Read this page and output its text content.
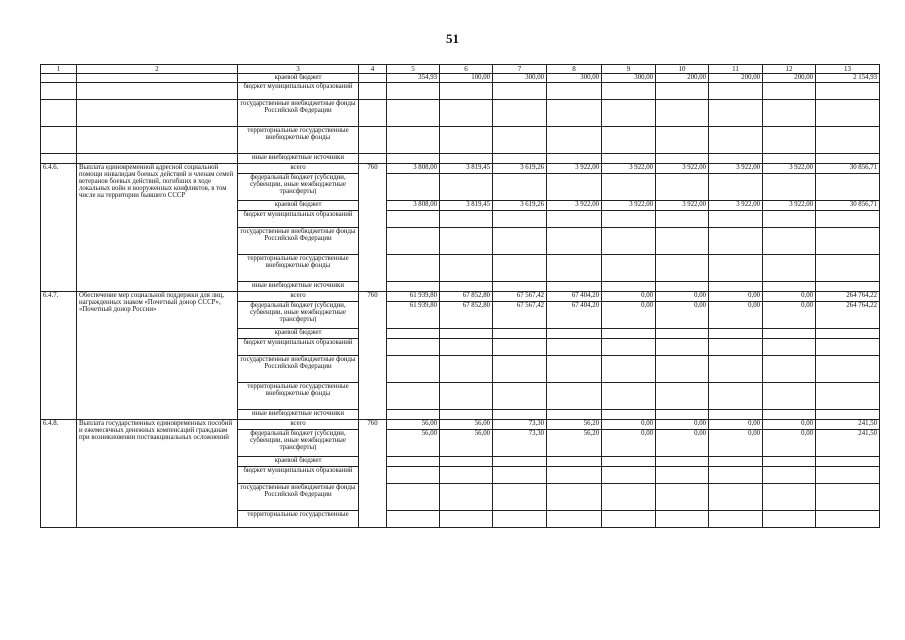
51
1	2	3	4	5	6	7	8	9	10	11	12	13
		краевой бюджет		354,93	100,00	300,00	300,00	300,00	200,00	200,00	200,00	2 154,93
		бюджет муниципальных образований										
		государственные внебюджетные фонды Российской Федерации										
		территориальные государственные внебюджетные фонды										
		иные внебюджетные источники										
6.4.6.	Выплата единовременной адресной социальной помощи инвалидам боевых действий и членам семей ветеранов боевых действий, погибших в ходе локальных войн и вооруженных конфликтов, в том числе на территории бывшего СССР	всего	760	3 808,00	3 819,45	3 619,26	3 922,00	3 922,00	3 922,00	3 922,00	3 922,00	30 856,71
		федеральный бюджет (субсидии, субвенции, иные межбюджетные трансферты)										
		краевой бюджет		3 808,00	3 819,45	3 619,26	3 922,00	3 922,00	3 922,00	3 922,00	3 922,00	30 856,71
		бюджет муниципальных образований										
		государственные внебюджетные фонды Российской Федерации										
		территориальные государственные внебюджетные фонды										
		иные внебюджетные источники										
6.4.7.	Обеспечение мер социальной поддержки для лиц, награжденных знаком «Почетный донор СССР», «Почетный донор России»	всего	760	61 939,80	67 852,80	67 567,42	67 404,20	0,00	0,00	0,00	0,00	264 764,22
		федеральный бюджет (субсидии, субвенции, иные межбюджетные трансферты)		61 939,80	67 852,80	67 567,42	67 404,20	0,00	0,00	0,00	0,00	264 764,22
		краевой бюджет										
		бюджет муниципальных образований										
		государственные внебюджетные фонды Российской Федерации										
		территориальные государственные внебюджетные фонды										
		иные внебюджетные источники										
6.4.8.	Выплата государственных единовременных пособий и ежемесячных денежных компенсаций гражданам при возникновении поствакцинальных осложнений	всего	760	56,00	56,00	73,30	56,20	0,00	0,00	0,00	0,00	241,50
		федеральный бюджет (субсидии, субвенции, иные межбюджетные трансферты)		56,00	56,00	73,30	56,20	0,00	0,00	0,00	0,00	241,50
		краевой бюджет										
		бюджет муниципальных образований										
		государственные внебюджетные фонды Российской Федерации										
		территориальные государственные										
